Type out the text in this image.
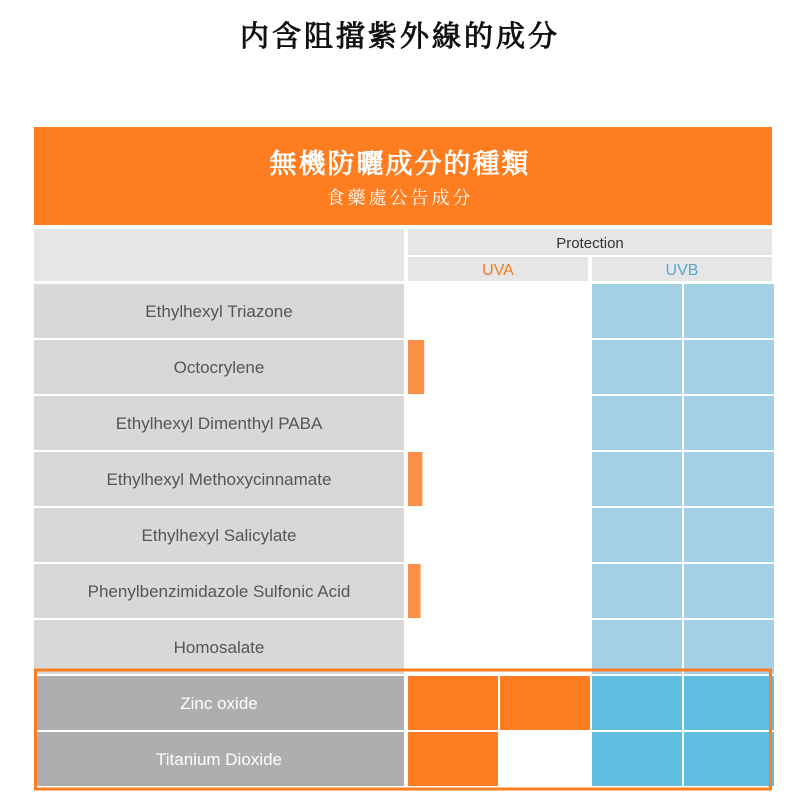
内含阻擋紫外線的成分
無機防曬成分的種類
食藥處公告成分
Protection
UVA	UVB
Ethylhexyl Triazone
Octocrylene
Ethylhexyl Dimenthyl PABA
Ethylhexyl Methoxycinnamate
Ethylhexyl Salicylate
Phenylbenzimidazole Sulfonic Acid
Homosalate
Zinc oxide
Titanium Dioxide
